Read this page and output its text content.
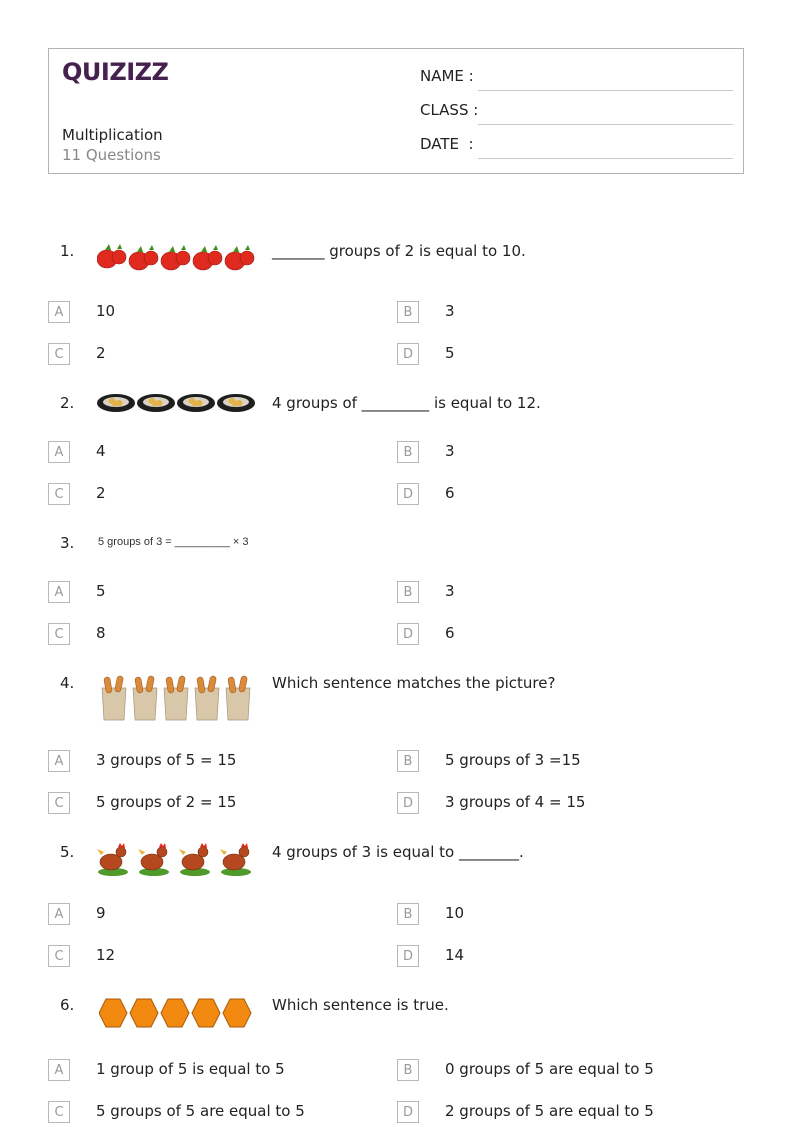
QUIZIZZ
Multiplication
11 Questions
NAME :
CLASS :
DATE  :
1.	_______ groups of 2 is equal to 10.
A	10	B	3
C	2	D	5
2.	4 groups of _________ is equal to 12.
A	4	B	3
C	2	D	6
3. 5 groups of 3 = _________ × 3
A	5	B	3
C	8	D	6
4.	Which sentence matches the picture?
A	3 groups of 5 = 15	B	5 groups of 3 =15
C	5 groups of 2 = 15	D	3 groups of 4 = 15
5.	4 groups of 3 is equal to ________.
A	9	B	10
C	12	D	14
6.	Which sentence is true.
A	1 group of 5 is equal to 5	B	0 groups of 5 are equal to 5
C	5 groups of 5 are equal to 5	D	2 groups of 5 are equal to 5
